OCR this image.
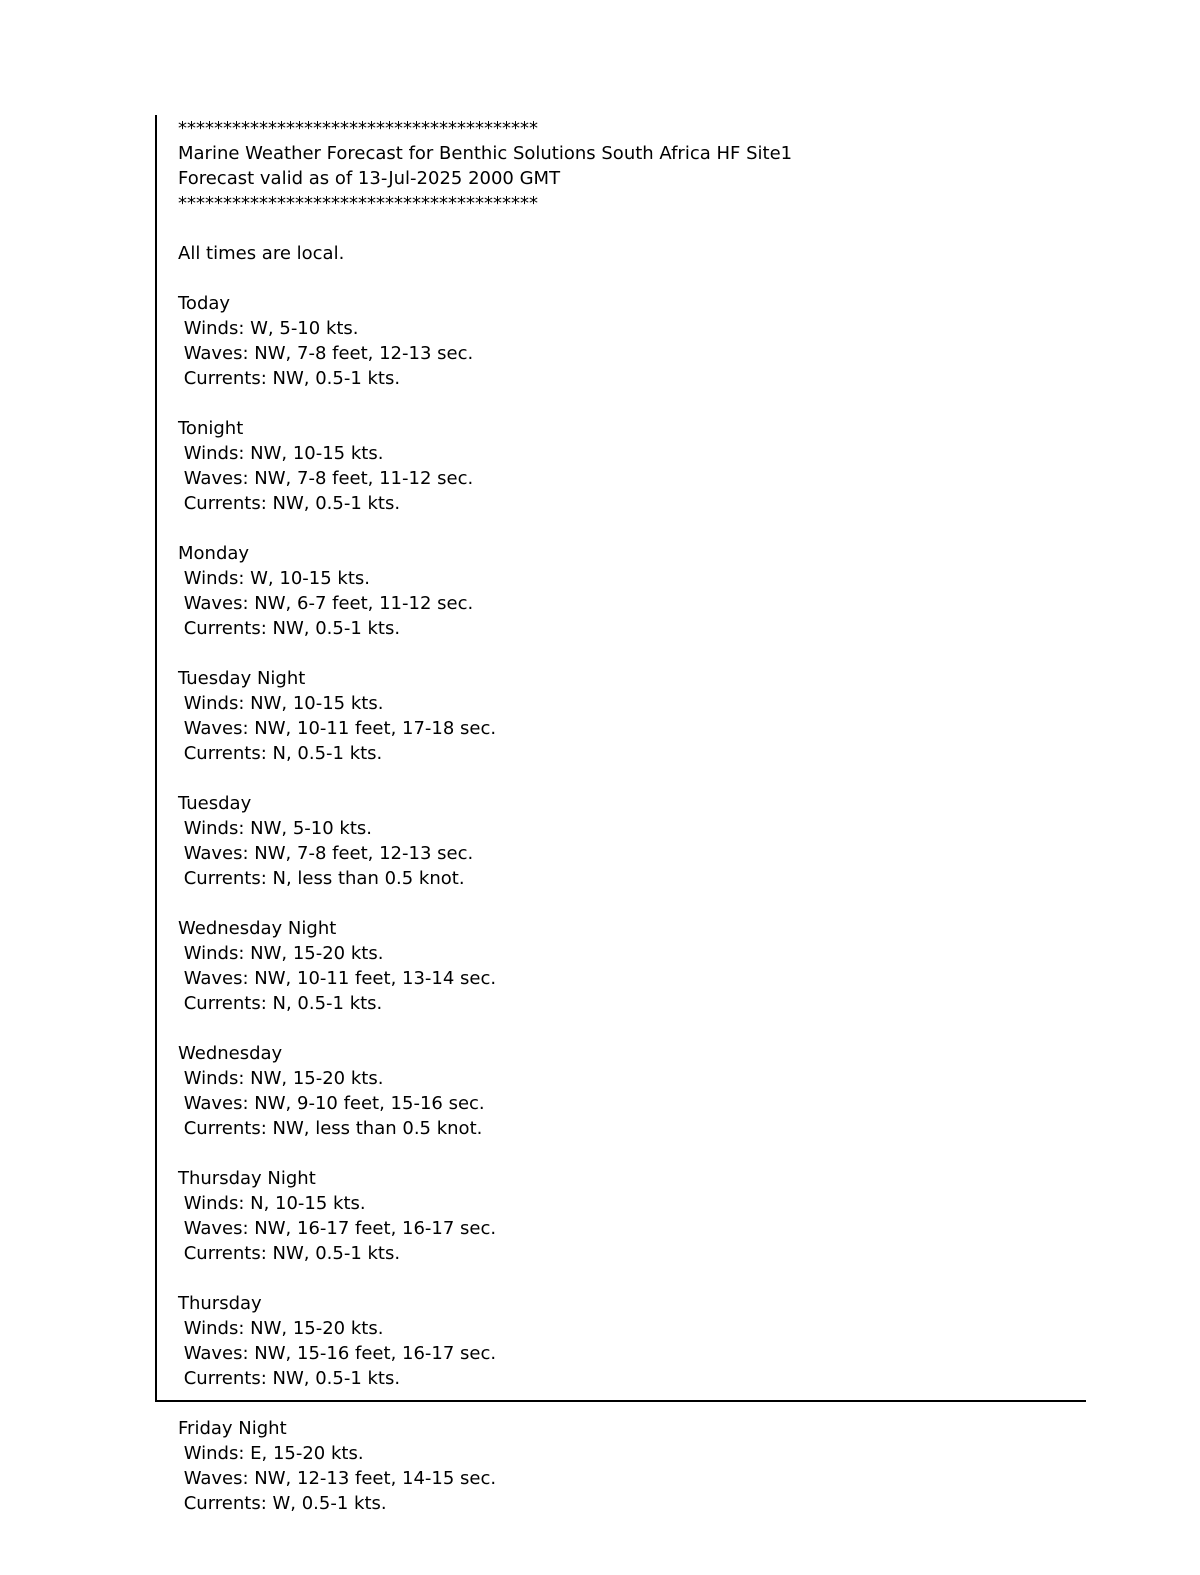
****************************************
Marine Weather Forecast for Benthic Solutions South Africa HF Site1
Forecast valid as of 13-Jul-2025 2000 GMT
****************************************
All times are local.
Today
Winds: W, 5-10 kts.
Waves: NW, 7-8 feet, 12-13 sec.
Currents: NW, 0.5-1 kts.
Tonight
Winds: NW, 10-15 kts.
Waves: NW, 7-8 feet, 11-12 sec.
Currents: NW, 0.5-1 kts.
Monday
Winds: W, 10-15 kts.
Waves: NW, 6-7 feet, 11-12 sec.
Currents: NW, 0.5-1 kts.
Tuesday Night
Winds: NW, 10-15 kts.
Waves: NW, 10-11 feet, 17-18 sec.
Currents: N, 0.5-1 kts.
Tuesday
Winds: NW, 5-10 kts.
Waves: NW, 7-8 feet, 12-13 sec.
Currents: N, less than 0.5 knot.
Wednesday Night
Winds: NW, 15-20 kts.
Waves: NW, 10-11 feet, 13-14 sec.
Currents: N, 0.5-1 kts.
Wednesday
Winds: NW, 15-20 kts.
Waves: NW, 9-10 feet, 15-16 sec.
Currents: NW, less than 0.5 knot.
Thursday Night
Winds: N, 10-15 kts.
Waves: NW, 16-17 feet, 16-17 sec.
Currents: NW, 0.5-1 kts.
Thursday
Winds: NW, 15-20 kts.
Waves: NW, 15-16 feet, 16-17 sec.
Currents: NW, 0.5-1 kts.
Friday Night
Winds: E, 15-20 kts.
Waves: NW, 12-13 feet, 14-15 sec.
Currents: W, 0.5-1 kts.
